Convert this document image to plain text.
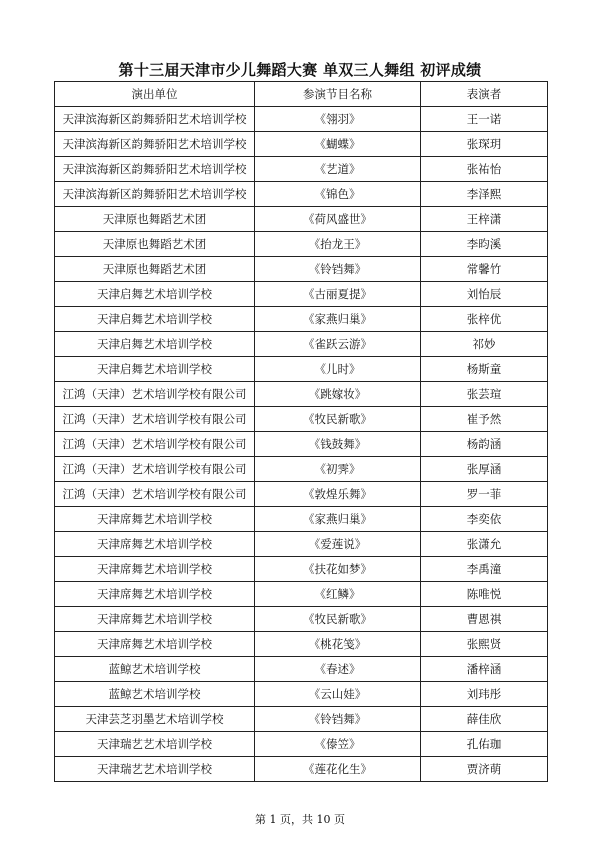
第十三届天津市少儿舞蹈大赛 单双三人舞组 初评成绩
演出单位	参演节目名称	表演者
天津滨海新区韵舞骄阳艺术培训学校	《翎羽》	王一诺
天津滨海新区韵舞骄阳艺术培训学校	《蝴蝶》	张琛玥
天津滨海新区韵舞骄阳艺术培训学校	《艺道》	张祐怡
天津滨海新区韵舞骄阳艺术培训学校	《锦色》	李泽熙
天津原也舞蹈艺术团	《荷风盛世》	王梓潇
天津原也舞蹈艺术团	《抬龙王》	李昀溪
天津原也舞蹈艺术团	《铃铛舞》	常馨竹
天津启舞艺术培训学校	《古丽夏提》	刘怡辰
天津启舞艺术培训学校	《家燕归巢》	张梓优
天津启舞艺术培训学校	《雀跃云游》	祁妙
天津启舞艺术培训学校	《儿时》	杨斯童
江鸿（天津）艺术培训学校有限公司	《跳嫁妆》	张芸瑄
江鸿（天津）艺术培训学校有限公司	《牧民新歌》	崔予然
江鸿（天津）艺术培训学校有限公司	《钱鼓舞》	杨韵涵
江鸿（天津）艺术培训学校有限公司	《初霁》	张厚涵
江鸿（天津）艺术培训学校有限公司	《敦煌乐舞》	罗一菲
天津席舞艺术培训学校	《家燕归巢》	李奕依
天津席舞艺术培训学校	《爱莲说》	张潇允
天津席舞艺术培训学校	《扶花如梦》	李禹潼
天津席舞艺术培训学校	《红鳞》	陈唯悦
天津席舞艺术培训学校	《牧民新歌》	曹恩祺
天津席舞艺术培训学校	《桃花笺》	张熙贤
蓝鲸艺术培训学校	《春述》	潘梓涵
蓝鲸艺术培训学校	《云山娃》	刘玮彤
天津芸芝羽墨艺术培训学校	《铃铛舞》	薛佳欣
天津瑞艺艺术培训学校	《傣笠》	孔佑珈
天津瑞艺艺术培训学校	《莲花化生》	贾济萌
第 1 页，共 10 页
